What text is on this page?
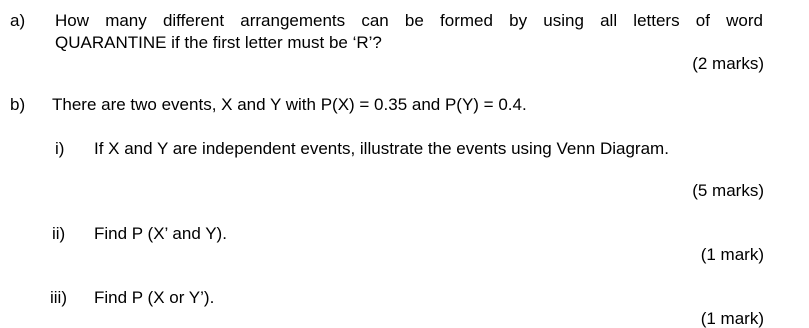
a) How many different arrangements can be formed by using all letters of word
QUARANTINE if the first letter must be ‘R’?
(2 marks)
b) There are two events, X and Y with P(X) = 0.35 and P(Y) = 0.4.
i) If X and Y are independent events, illustrate the events using Venn Diagram.
(5 marks)
ii) Find P (X’ and Y).
(1 mark)
iii) Find P (X or Y’).
(1 mark)
